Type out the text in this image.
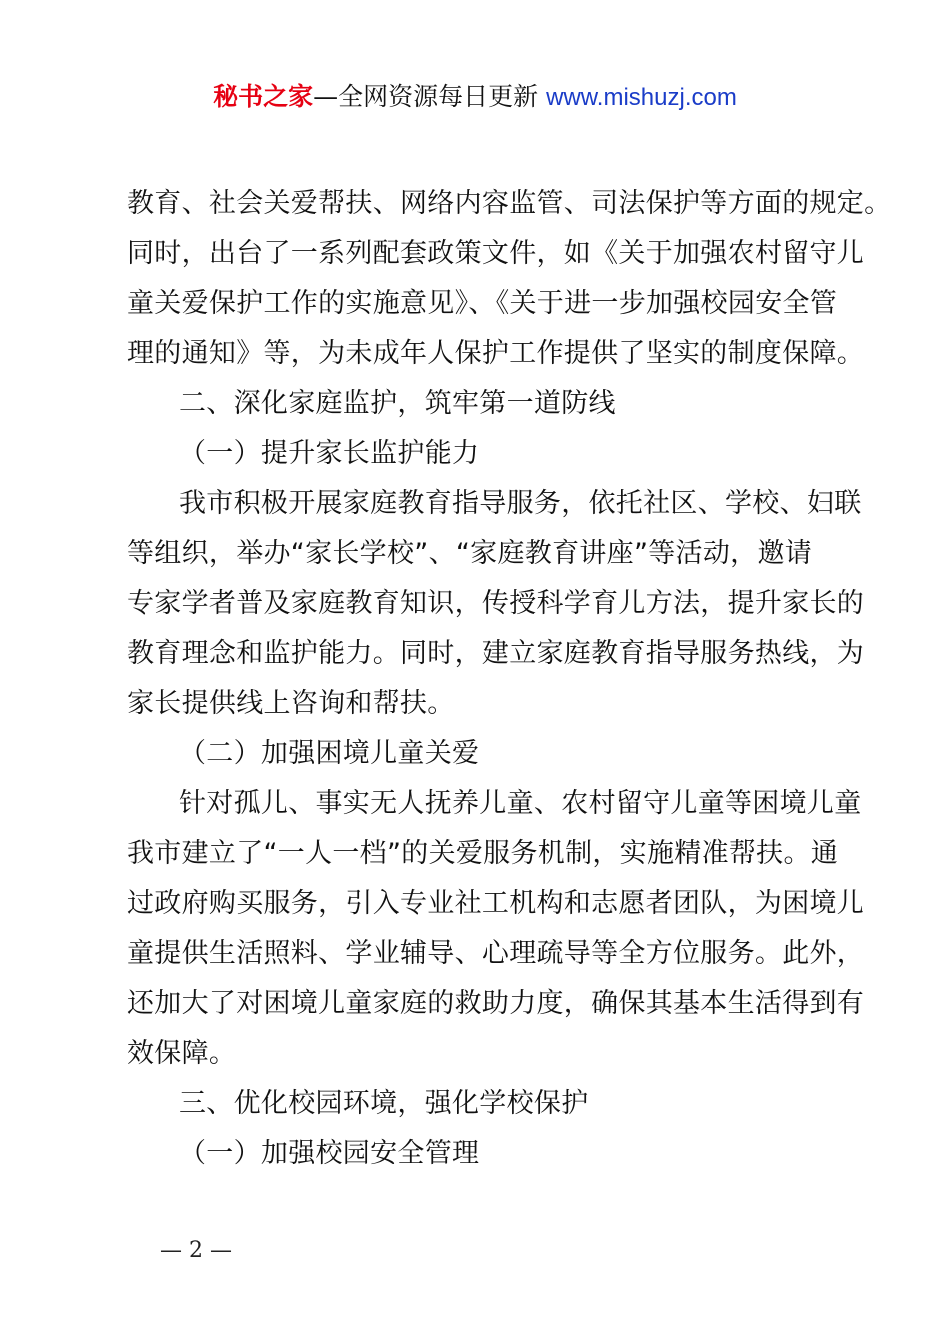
秘书之家—全网资源每日更新 www.mishuzj.com
教育、社会关爱帮扶、网络内容监管、司法保护等方面的规定。
同时，出台了一系列配套政策文件，如《关于加强农村留守儿
童关爱保护工作的实施意见》、《关于进一步加强校园安全管
理的通知》等，为未成年人保护工作提供了坚实的制度保障。
二、深化家庭监护，筑牢第一道防线
（一）提升家长监护能力
我市积极开展家庭教育指导服务，依托社区、学校、妇联
等组织，举办“家长学校”、“家庭教育讲座”等活动，邀请
专家学者普及家庭教育知识，传授科学育儿方法，提升家长的
教育理念和监护能力。同时，建立家庭教育指导服务热线，为
家长提供线上咨询和帮扶。
（二）加强困境儿童关爱
针对孤儿、事实无人抚养儿童、农村留守儿童等困境儿童
我市建立了“一人一档”的关爱服务机制，实施精准帮扶。通
过政府购买服务，引入专业社工机构和志愿者团队，为困境儿
童提供生活照料、学业辅导、心理疏导等全方位服务。此外，
还加大了对困境儿童家庭的救助力度，确保其基本生活得到有
效保障。
三、优化校园环境，强化学校保护
（一）加强校园安全管理
— 2 —
